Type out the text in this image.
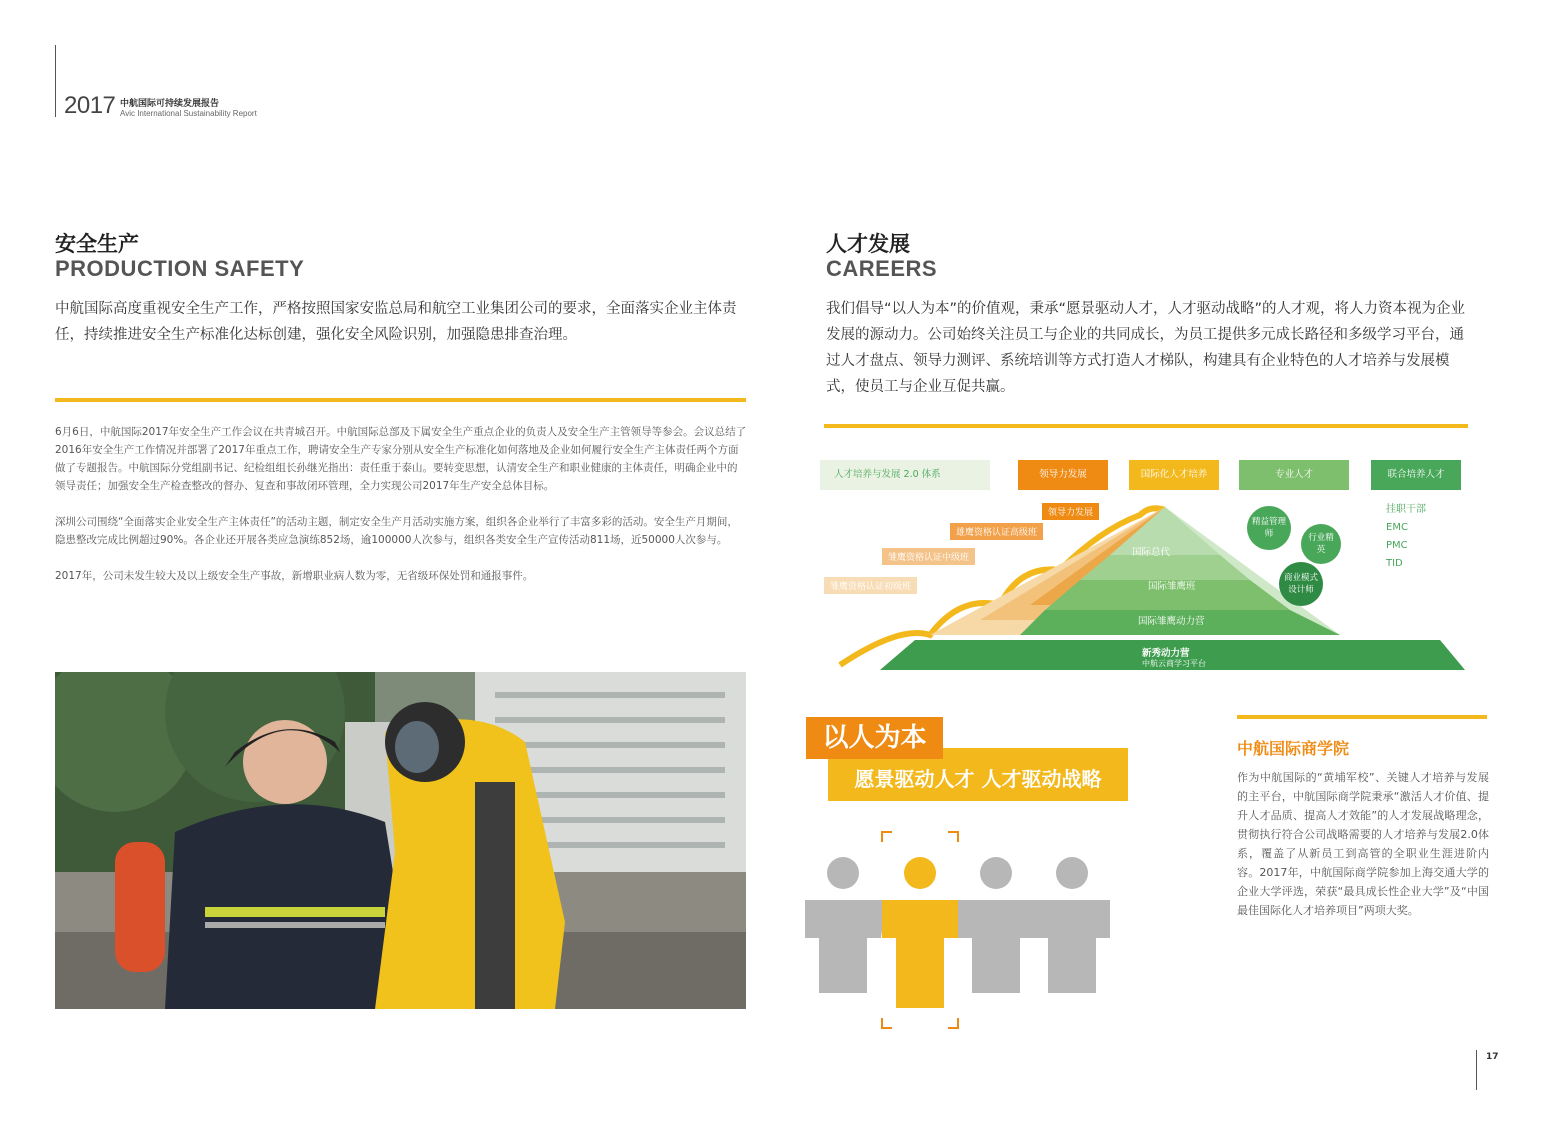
2017 中航国际可持续发展报告
Avic International Sustainability Report
安全生产
PRODUCTION SAFETY
中航国际高度重视安全生产工作，严格按照国家安监总局和航空工业集团公司的要求，全面落实企业主体责任，持续推进安全生产标准化达标创建，强化安全风险识别，加强隐患排查治理。

6月6日，中航国际2017年安全生产工作会议在共青城召开。中航国际总部及下属安全生产重点企业的负责人及安全生产主管领导等参会。会议总结了2016年安全生产工作情况并部署了2017年重点工作，聘请安全生产专家分别从安全生产标准化如何落地及企业如何履行安全生产主体责任两个方面做了专题报告。中航国际分党组副书记、纪检组组长孙继光指出：责任重于泰山。要转变思想，认清安全生产和职业健康的主体责任，明确企业中的领导责任；加强安全生产检查整改的督办、复查和事故闭环管理，全力实现公司2017年生产安全总体目标。

深圳公司围绕“全面落实企业安全生产主体责任”的活动主题，制定安全生产月活动实施方案，组织各企业举行了丰富多彩的活动。安全生产月期间，隐患整改完成比例超过90%。各企业还开展各类应急演练852场，逾100000人次参与，组织各类安全生产宣传活动811场，近50000人次参与。

2017年，公司未发生较大及以上级安全生产事故，新增职业病人数为零，无省级环保处罚和通报事件。

人才发展
CAREERS
我们倡导“以人为本”的价值观，秉承“愿景驱动人才，人才驱动战略”的人才观，将人力资本视为企业发展的源动力。公司始终关注员工与企业的共同成长，为员工提供多元成长路径和多级学习平台，通过人才盘点、领导力测评、系统培训等方式打造人才梯队，构建具有企业特色的人才培养与发展模式，使员工与企业互促共赢。
人才培养与发展 2.0 体系	领导力发展	国际化人才培养	专业人才	联合培养人才
领导力发展
雄鹰资格认证高级班
雏鹰资格认证中级班
雏鹰资格认证初级班
国际总代
国际雏鹰班
国际雏鹰动力营
新秀动力营
中航云商学习平台
精益管理师	行业精英
商业模式设计师
挂职干部
EMC
PMC
TID
愿景驱动人才 人才驱动战略
以人为本	中航国际商学院
作为中航国际的“黄埔军校”、关键人才培养与发展的主平台，中航国际商学院秉承“激活人才价值、提升人才品质、提高人才效能”的人才发展战略理念，贯彻执行符合公司战略需要的人才培养与发展2.0体系，覆盖了从新员工到高管的全职业生涯进阶内容。2017年，中航国际商学院参加上海交通大学的企业大学评选，荣获“最具成长性企业大学”及“中国最佳国际化人才培养项目”两项大奖。
17
